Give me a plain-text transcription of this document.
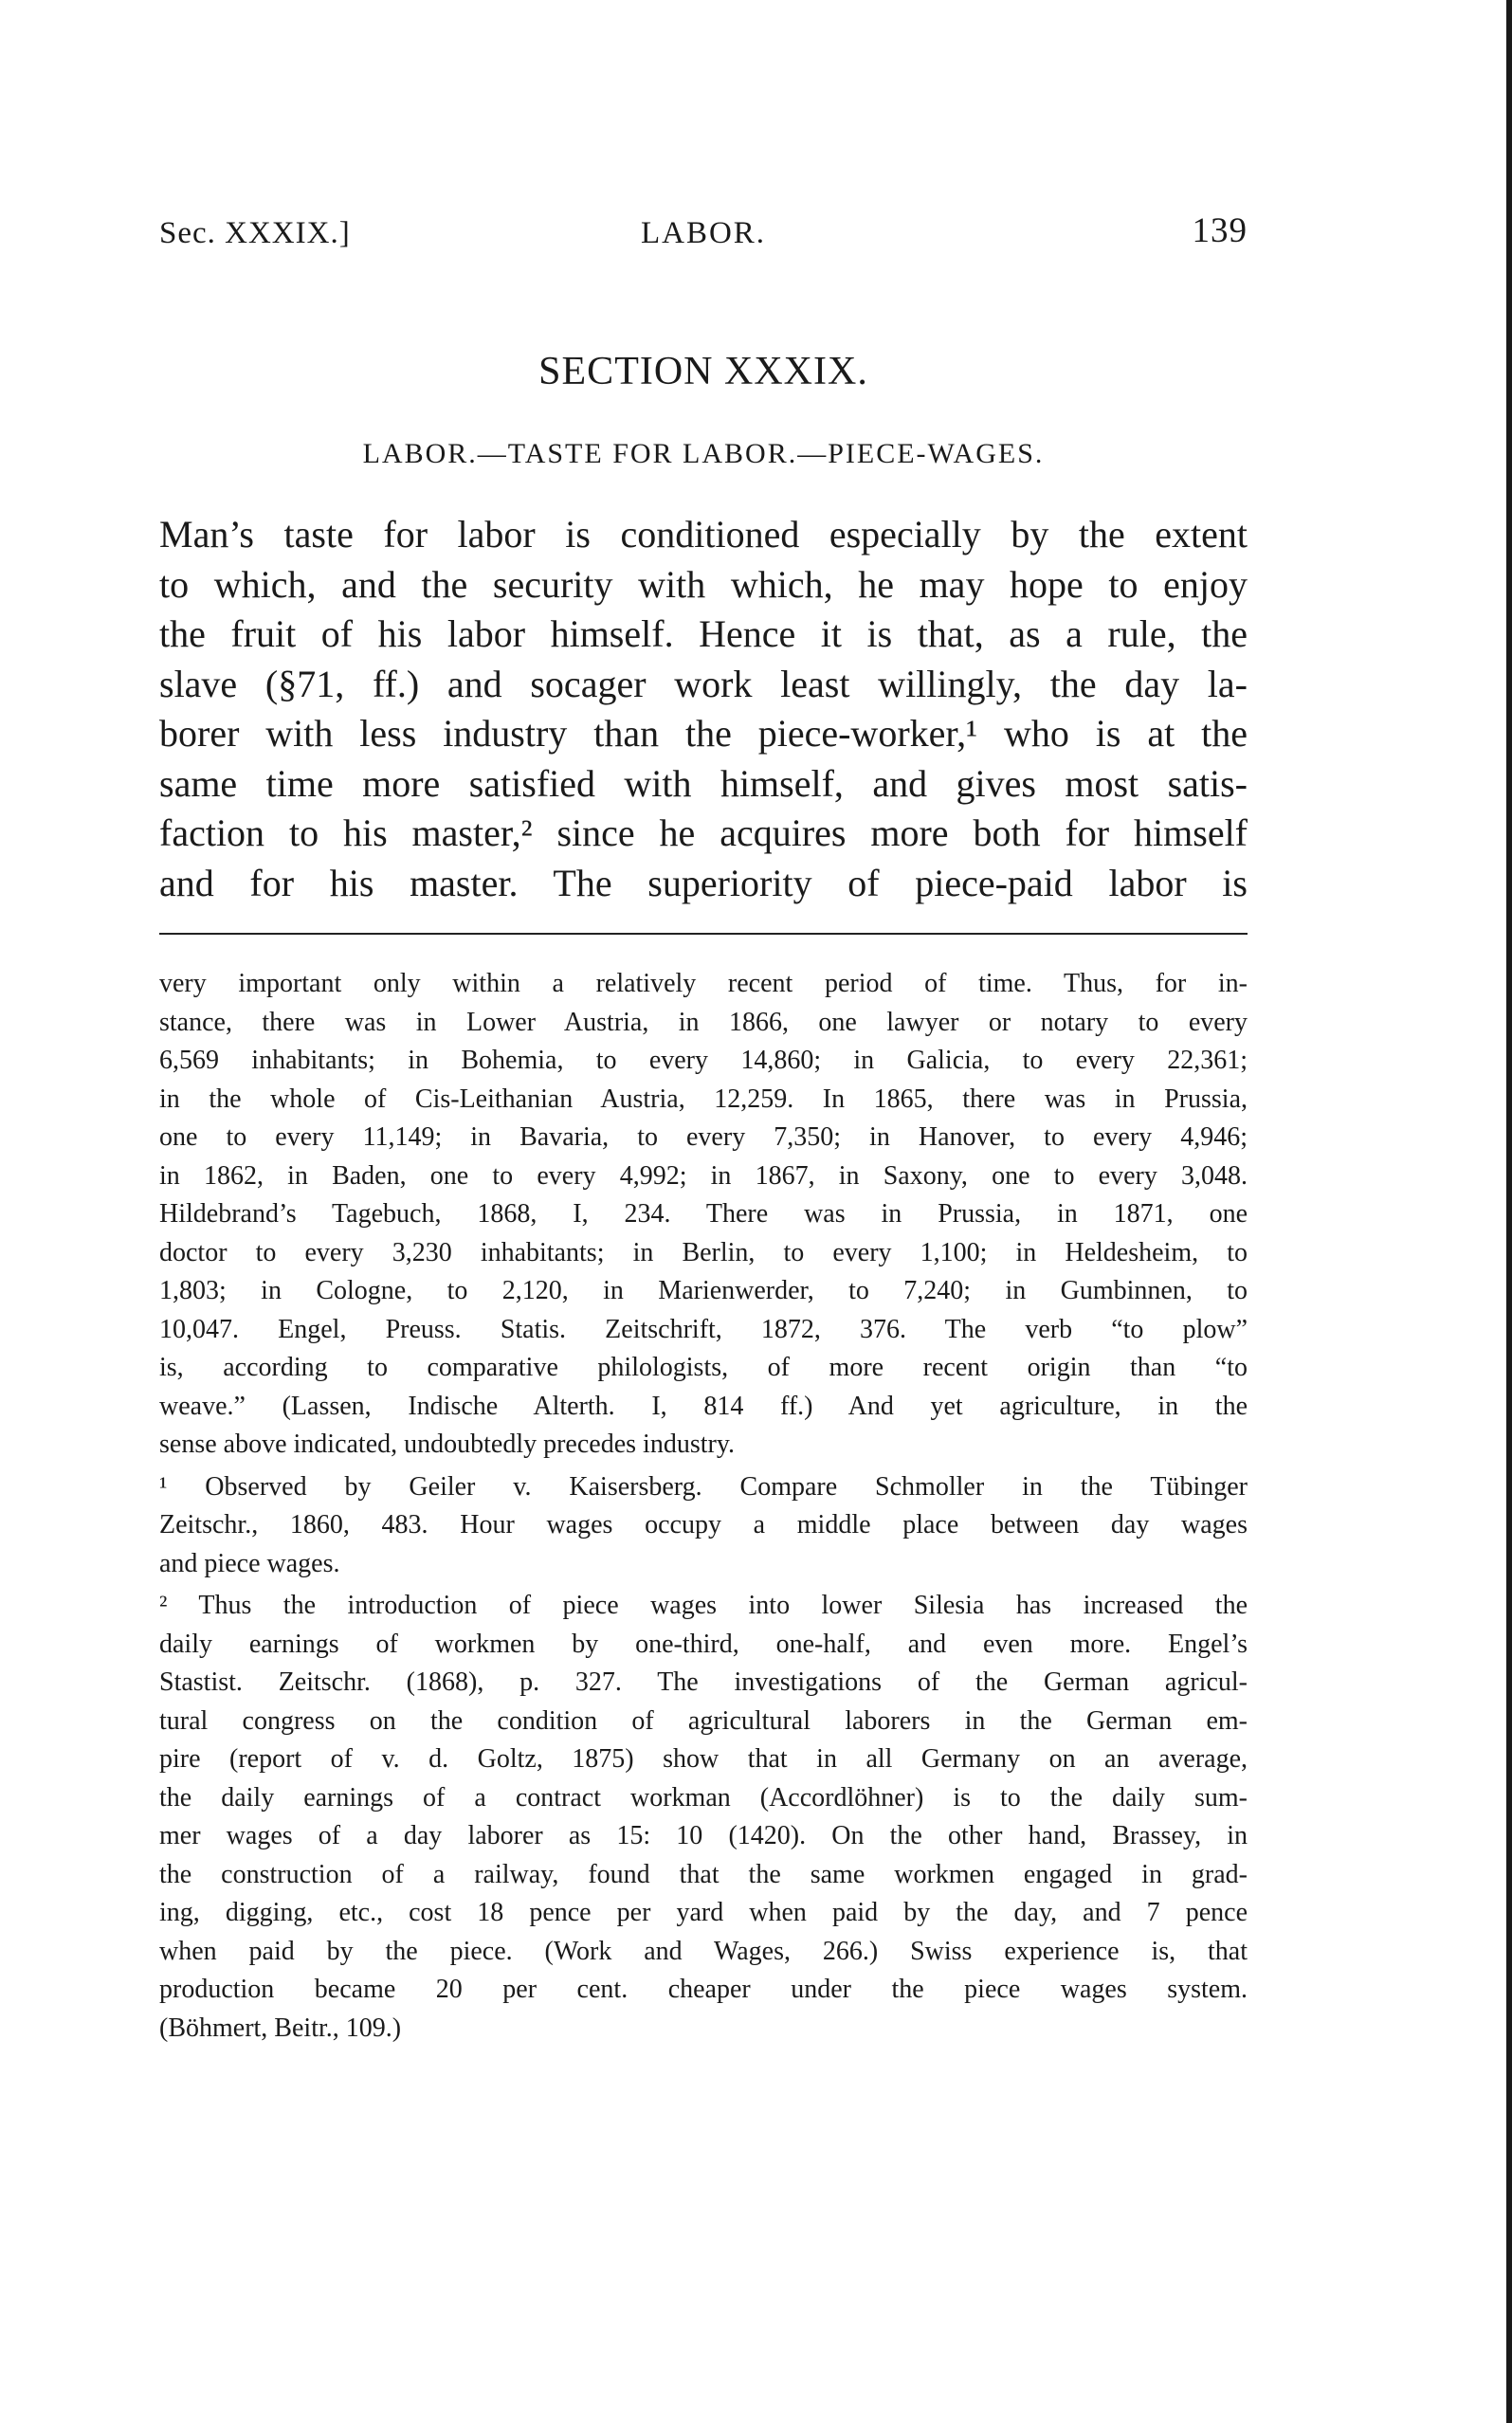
Sec. XXXIX.]	LABOR.	139
SECTION XXXIX.
LABOR.—TASTE FOR LABOR.—PIECE-WAGES.
Man’s taste for labor is conditioned especially by the extent
to which, and the security with which, he may hope to enjoy
the fruit of his labor himself. Hence it is that, as a rule, the
slave (§71, ff.) and socager work least willingly, the day la-
borer with less industry than the piece-worker,¹ who is at the
same time more satisfied with himself, and gives most satis-
faction to his master,² since he acquires more both for himself
and for his master. The superiority of piece-paid labor is
very important only within a relatively recent period of time. Thus, for in-
stance, there was in Lower Austria, in 1866, one lawyer or notary to every
6,569 inhabitants; in Bohemia, to every 14,860; in Galicia, to every 22,361;
in the whole of Cis-Leithanian Austria, 12,259. In 1865, there was in Prussia,
one to every 11,149; in Bavaria, to every 7,350; in Hanover, to every 4,946;
in 1862, in Baden, one to every 4,992; in 1867, in Saxony, one to every 3,048.
Hildebrand’s Tagebuch, 1868, I, 234. There was in Prussia, in 1871, one
doctor to every 3,230 inhabitants; in Berlin, to every 1,100; in Heldesheim, to
1,803; in Cologne, to 2,120, in Marienwerder, to 7,240; in Gumbinnen, to
10,047. Engel, Preuss. Statis. Zeitschrift, 1872, 376. The verb “to plow”
is, according to comparative philologists, of more recent origin than “to
weave.” (Lassen, Indische Alterth. I, 814 ff.) And yet agriculture, in the
sense above indicated, undoubtedly precedes industry.
¹ Observed by Geiler v. Kaisersberg. Compare Schmoller in the Tübinger
Zeitschr., 1860, 483. Hour wages occupy a middle place between day wages
and piece wages.
² Thus the introduction of piece wages into lower Silesia has increased the
daily earnings of workmen by one-third, one-half, and even more. Engel’s
Stastist. Zeitschr. (1868), p. 327. The investigations of the German agricul-
tural congress on the condition of agricultural laborers in the German em-
pire (report of v. d. Goltz, 1875) show that in all Germany on an average,
the daily earnings of a contract workman (Accordlöhner) is to the daily sum-
mer wages of a day laborer as 15: 10 (1420). On the other hand, Brassey, in
the construction of a railway, found that the same workmen engaged in grad-
ing, digging, etc., cost 18 pence per yard when paid by the day, and 7 pence
when paid by the piece. (Work and Wages, 266.) Swiss experience is, that
production became 20 per cent. cheaper under the piece wages system.
(Böhmert, Beitr., 109.)
